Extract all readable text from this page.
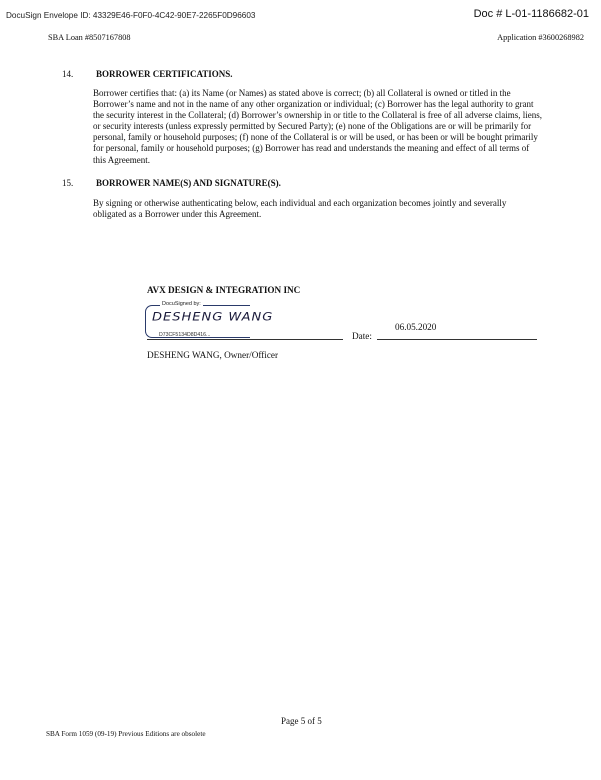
DocuSign Envelope ID: 43329E46-F0F0-4C42-90E7-2265F0D96603	Doc # L-01-1186682-01
SBA Loan #8507167808	Application #3600268982
14.	BORROWER CERTIFICATIONS.
Borrower certifies that: (a) its Name (or Names) as stated above is correct; (b) all Collateral is owned or titled in the Borrower’s name and not in the name of any other organization or individual; (c) Borrower has the legal authority to grant the security interest in the Collateral; (d) Borrower’s ownership in or title to the Collateral is free of all adverse claims, liens, or security interests (unless expressly permitted by Secured Party); (e) none of the Obligations are or will be primarily for personal, family or household purposes; (f) none of the Collateral is or will be used, or has been or will be bought primarily for personal, family or household purposes; (g) Borrower has read and understands the meaning and effect of all terms of this Agreement.
15.	BORROWER NAME(S) AND SIGNATURE(S).
By signing or otherwise authenticating below, each individual and each organization becomes jointly and severally obligated as a Borrower under this Agreement.
AVX DESIGN & INTEGRATION INC
DocuSigned by:
DESHENG WANG
D73CF5134D8D416...	Date:
06.05.2020
DESHENG WANG, Owner/Officer
Page 5 of 5
SBA Form 1059 (09-19) Previous Editions are obsolete
